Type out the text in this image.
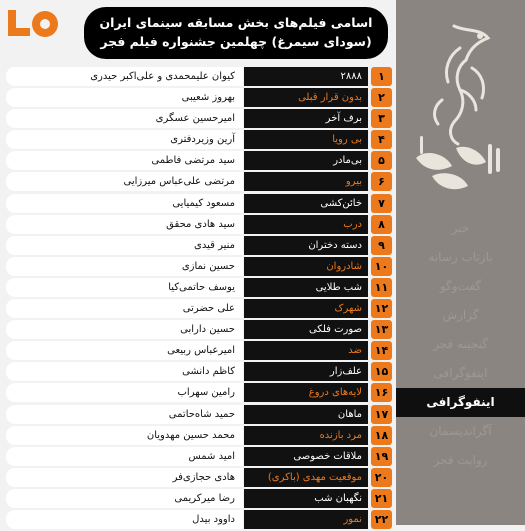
اسامی فیلم‌های بخش مسابقه سینمای ایران
(سودای سیمرغ) چهلمین جشنواره فیلم فجر
کیوان علیمحمدی و علی‌اکبر حیدری	۲۸۸۸	۱
بهروز شعیبی	بدون قرار قبلی	۲
امیرحسین عسگری	برف آخر	۳
آرین وزیردفتری	بی رویا	۴
سید مرتضی فاطمی	بی‌مادر	۵
مرتضی علی‌عباس میرزایی	بیرو	۶
مسعود کیمیایی	خائن‌کشی	۷
سید هادی محقق	درب	۸
منیر قیدی	دسته دختران	۹
حسین نمازی	شادروان	۱۰
یوسف حاتمی‌کیا	شب طلایی	۱۱
علی حضرتی	شهرک	۱۲
حسین دارابی	صورت فلکی	۱۳
امیرعباس ربیعی	ضد	۱۴
کاظم دانشی	علف‌زار	۱۵
رامین سهراب	لایه‌های دروغ	۱۶
حمید شاه‌حاتمی	ماهان	۱۷
محمد حسین مهدویان	مرد بازنده	۱۸
امید شمس	ملاقات خصوصی	۱۹
هادی حجازی‌فر	موقعیت مهدی (باکری)	۲۰
رضا میرکریمی	نگهبان شب	۲۱
داوود بیدل	نمور	۲۲
خبر
بازتاب رسانه
گفت‌وگو
گزارش
گنجینه فجر
اینفوگرافی
اینفوگرافی
آگراندیسمان
روایت فجر
